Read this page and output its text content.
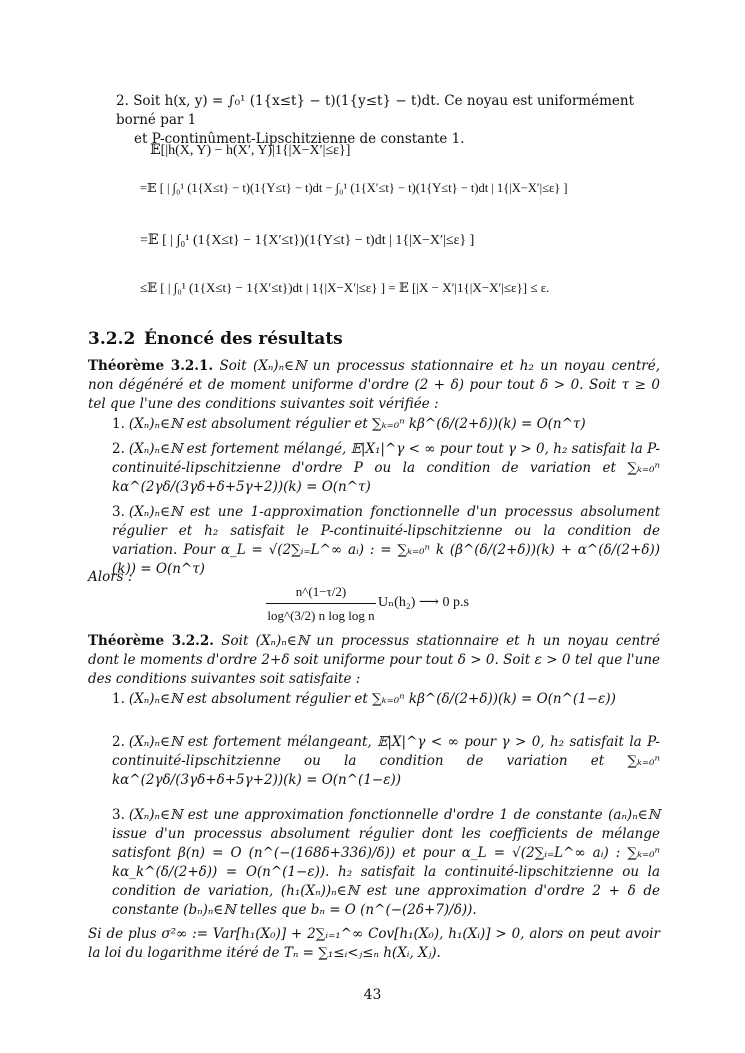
2. Soit h(x, y) = ∫₀¹ (1{x≤t} − t)(1{y≤t} − t)dt. Ce noyau est uniformément borné par 1
et P-continûment-Lipschitzienne de constante 1.
𝔼[|h(X, Y) − h(X′, Y)|1{|X−X′|≤ε}]
=𝔼 [ | ∫₀¹ (1{X≤t} − t)(1{Y≤t} − t)dt − ∫₀¹ (1{X′≤t} − t)(1{Y≤t} − t)dt | 1{|X−X′|≤ε} ]
=𝔼 [ | ∫₀¹ (1{X≤t} − 1{X′≤t})(1{Y≤t} − t)dt | 1{|X−X′|≤ε} ]
≤𝔼 [ | ∫₀¹ (1{X≤t} − 1{X′≤t})dt | 1{|X−X′|≤ε} ] = 𝔼 [|X − X′|1{|X−X′|≤ε}] ≤ ε.
3.2.2 Énoncé des résultats
Théorème 3.2.1. Soit (Xₙ)ₙ∈ℕ un processus stationnaire et h₂ un noyau centré, non dégénéré et de moment uniforme d'ordre (2 + δ) pour tout δ > 0. Soit τ ≥ 0 tel que l'une des conditions suivantes soit vérifiée :
1. (Xₙ)ₙ∈ℕ est absolument régulier et ∑ₖ₌₀ⁿ kβ^(δ/(2+δ))(k) = O(n^τ)
2. (Xₙ)ₙ∈ℕ est fortement mélangé, 𝔼|X₁|^γ < ∞ pour tout γ > 0, h₂ satisfait la P-continuité-lipschitzienne d'ordre P ou la condition de variation et ∑ₖ₌₀ⁿ kα^(2γδ/(3γδ+δ+5γ+2))(k) = O(n^τ)
3. (Xₙ)ₙ∈ℕ est une 1-approximation fonctionnelle d'un processus absolument régulier et h₂ satisfait le P-continuité-lipschitzienne ou la condition de variation. Pour α_L = √(2∑ᵢ₌L^∞ aᵢ) : = ∑ₖ₌₀ⁿ k (β^(δ/(2+δ))(k) + α^(δ/(2+δ))(k)) = O(n^τ)
Alors :
n^(1−τ/2)
log^(3/2) n log log n
Uₙ(h₂) ⟶ 0 p.s
Théorème 3.2.2. Soit (Xₙ)ₙ∈ℕ un processus stationnaire et h un noyau centré dont le moments d'ordre 2+δ soit uniforme pour tout δ > 0. Soit ε > 0 tel que l'une des conditions suivantes soit satisfaite :
1. (Xₙ)ₙ∈ℕ est absolument régulier et ∑ₖ₌₀ⁿ kβ^(δ/(2+δ))(k) = O(n^(1−ε))
2. (Xₙ)ₙ∈ℕ est fortement mélangeant, 𝔼|X|^γ < ∞ pour γ > 0, h₂ satisfait la P-continuité-lipschitzienne ou la condition de variation et ∑ₖ₌₀ⁿ kα^(2γδ/(3γδ+δ+5γ+2))(k) = O(n^(1−ε))
3. (Xₙ)ₙ∈ℕ est une approximation fonctionnelle d'ordre 1 de constante (aₙ)ₙ∈ℕ issue d'un processus absolument régulier dont les coefficients de mélange satisfont β(n) = O (n^(−(168δ+336)/δ)) et pour α_L = √(2∑ᵢ₌L^∞ aᵢ) : ∑ₖ₌₀ⁿ kα_k^(δ/(2+δ)) = O(n^(1−ε)). h₂ satisfait la continuité-lipschitzienne ou la condition de variation, (h₁(Xₙ))ₙ∈ℕ est une approximation d'ordre 2 + δ de constante (bₙ)ₙ∈ℕ telles que bₙ = O (n^(−(2δ+7)/δ)).
Si de plus σ²∞ := Var[h₁(X₀)] + 2∑ᵢ₌₁^∞ Cov[h₁(X₀), h₁(Xᵢ)] > 0, alors on peut avoir la loi du logarithme itéré de Tₙ = ∑₁≤ᵢ<ⱼ≤ₙ h(Xᵢ, Xⱼ).
43
